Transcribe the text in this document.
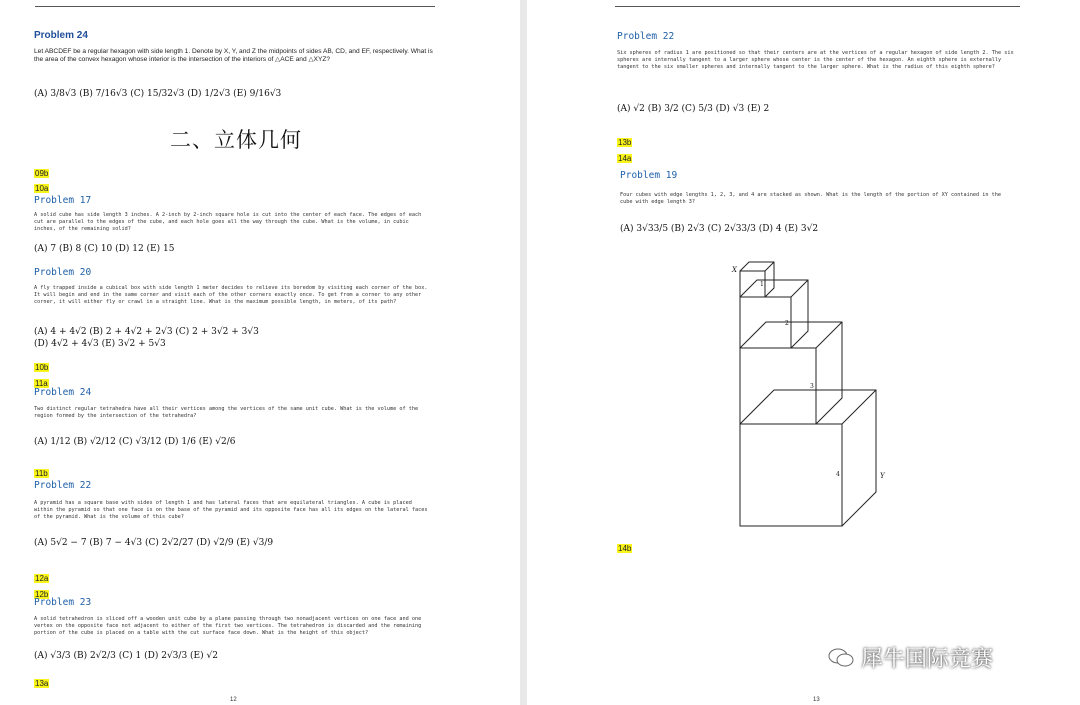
Problem 24
Let ABCDEF be a regular hexagon with side length 1. Denote by X, Y, and Z the midpoints of sides AB, CD, and EF, respectively. What is the area of the convex hexagon whose interior is the intersection of the interiors of △ACE and △XYZ?
(A) 3/8√3 (B) 7/16√3 (C) 15/32√3 (D) 1/2√3 (E) 9/16√3
二、立体几何
09b
10a
Problem 17
A solid cube has side length 3 inches. A 2-inch by 2-inch square hole is cut into the center of each face. The edges of each cut are parallel to the edges of the cube, and each hole goes all the way through the cube. What is the volume, in cubic inches, of the remaining solid?
(A) 7 (B) 8 (C) 10 (D) 12 (E) 15
Problem 20
A fly trapped inside a cubical box with side length 1 meter decides to relieve its boredom by visiting each corner of the box. It will begin and end in the same corner and visit each of the other corners exactly once. To get from a corner to any other corner, it will either fly or crawl in a straight line. What is the maximum possible length, in meters, of its path?
(A) 4 + 4√2 (B) 2 + 4√2 + 2√3 (C) 2 + 3√2 + 3√3
(D) 4√2 + 4√3 (E) 3√2 + 5√3
10b
11a
Problem 24
Two distinct regular tetrahedra have all their vertices among the vertices of the same unit cube. What is the volume of the region formed by the intersection of the tetrahedra?
(A) 1/12 (B) √2/12 (C) √3/12 (D) 1/6 (E) √2/6
11b
Problem 22
A pyramid has a square base with sides of length 1 and has lateral faces that are equilateral triangles. A cube is placed within the pyramid so that one face is on the base of the pyramid and its opposite face has all its edges on the lateral faces of the pyramid. What is the volume of this cube?
(A) 5√2 − 7 (B) 7 − 4√3 (C) 2√2/27 (D) √2/9 (E) √3/9
12a
12b
Problem 23
A solid tetrahedron is sliced off a wooden unit cube by a plane passing through two nonadjacent vertices on one face and one vertex on the opposite face not adjacent to either of the first two vertices. The tetrahedron is discarded and the remaining portion of the cube is placed on a table with the cut surface face down. What is the height of this object?
(A) √3/3 (B) 2√2/3 (C) 1 (D) 2√3/3 (E) √2
13a
12
Problem 22
Six spheres of radius 1 are positioned so that their centers are at the vertices of a regular hexagon of side length 2. The six spheres are internally tangent to a larger sphere whose center is the center of the hexagon. An eighth sphere is externally tangent to the six smaller spheres and internally tangent to the larger sphere. What is the radius of this eighth sphere?
(A) √2 (B) 3/2 (C) 5/3 (D) √3 (E) 2
13b
14a
Problem 19
Four cubes with edge lengths 1, 2, 3, and 4 are stacked as shown. What is the length of the portion of XY contained in the cube with edge length 3?
(A) 3√33/5 (B) 2√3 (C) 2√33/3 (D) 4 (E) 3√2
X
Y
1
2
3
4
14b
13
犀牛国际竞赛
